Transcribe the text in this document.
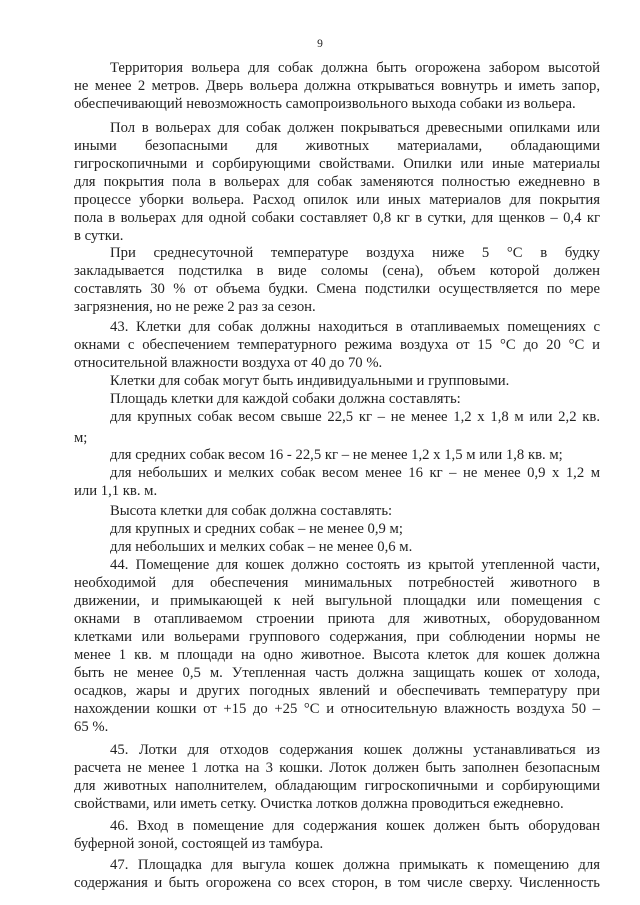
9
Территория вольера для собак должна быть огорожена забором высотой
не менее 2 метров. Дверь вольера должна открываться вовнутрь и иметь запор,
обеспечивающий невозможность самопроизвольного выхода собаки из вольера.
Пол в вольерах для собак должен покрываться древесными опилками или
иными безопасными для животных материалами, обладающими
гигроскопичными и сорбирующими свойствами. Опилки или иные материалы
для покрытия пола в вольерах для собак заменяются полностью ежедневно в
процессе уборки вольера. Расход опилок или иных материалов для покрытия
пола в вольерах для одной собаки составляет 0,8 кг в сутки, для щенков – 0,4 кг
в сутки.
При среднесуточной температуре воздуха ниже 5 °С в будку
закладывается подстилка в виде соломы (сена), объем которой должен
составлять 30 % от объема будки. Смена подстилки осуществляется по мере
загрязнения, но не реже 2 раз за сезон.
43. Клетки для собак должны находиться в отапливаемых помещениях с
окнами с обеспечением температурного режима воздуха от 15 °С до 20 °С и
относительной влажности воздуха от 40 до 70 %.
Клетки для собак могут быть индивидуальными и групповыми.
Площадь клетки для каждой собаки должна составлять:
для крупных собак весом свыше 22,5 кг – не менее 1,2 х 1,8 м или 2,2 кв.
м;
для средних собак весом 16 - 22,5 кг – не менее 1,2 х 1,5 м или 1,8 кв. м;
для небольших и мелких собак весом менее 16 кг – не менее 0,9 х 1,2 м
или 1,1 кв. м.
Высота клетки для собак должна составлять:
для крупных и средних собак – не менее 0,9 м;
для небольших и мелких собак – не менее 0,6 м.
44. Помещение для кошек должно состоять из крытой утепленной части,
необходимой для обеспечения минимальных потребностей животного в
движении, и примыкающей к ней выгульной площадки или помещения с
окнами в отапливаемом строении приюта для животных, оборудованном
клетками или вольерами группового содержания, при соблюдении нормы не
менее 1 кв. м площади на одно животное. Высота клеток для кошек должна
быть не менее 0,5 м. Утепленная часть должна защищать кошек от холода,
осадков, жары и других погодных явлений и обеспечивать температуру при
нахождении кошки от +15 до +25 °С и относительную влажность воздуха 50 –
65 %.
45. Лотки для отходов содержания кошек должны устанавливаться из
расчета не менее 1 лотка на 3 кошки. Лоток должен быть заполнен безопасным
для животных наполнителем, обладающим гигроскопичными и сорбирующими
свойствами, или иметь сетку. Очистка лотков должна проводиться ежедневно.
46. Вход в помещение для содержания кошек должен быть оборудован
буферной зоной, состоящей из тамбура.
47. Площадка для выгула кошек должна примыкать к помещению для
содержания и быть огорожена со всех сторон, в том числе сверху. Численность
